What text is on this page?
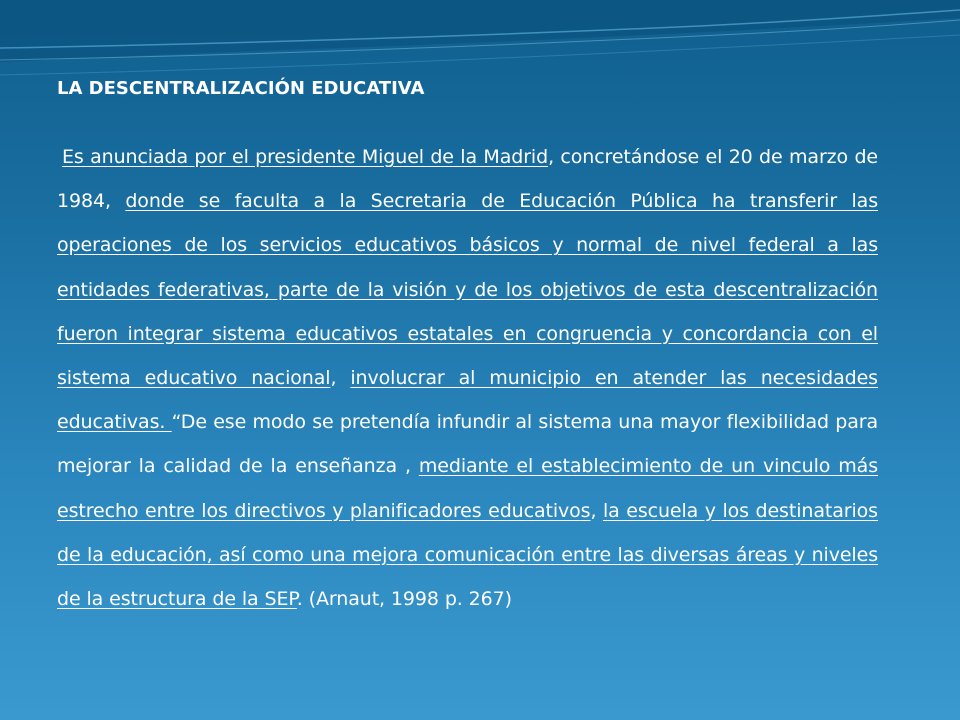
LA DESCENTRALIZACIÓN EDUCATIVA

Es anunciada por el presidente Miguel de la Madrid, concretándose el 20 de marzo de 1984, donde se faculta a la Secretaria de Educación Pública ha transferir las operaciones de los servicios educativos básicos y normal de nivel federal a las entidades federativas, parte de la visión y de los objetivos de esta descentralización fueron integrar sistema educativos estatales en congruencia y concordancia con el sistema educativo nacional, involucrar al municipio en atender las necesidades educativas. “De ese modo se pretendía infundir al sistema una mayor flexibilidad para mejorar la calidad de la enseñanza , mediante el establecimiento de un vinculo más estrecho entre los directivos y planificadores educativos, la escuela y los destinatarios de la educación, así como una mejora comunicación entre las diversas áreas y niveles de la estructura de la SEP. (Arnaut, 1998 p. 267)
